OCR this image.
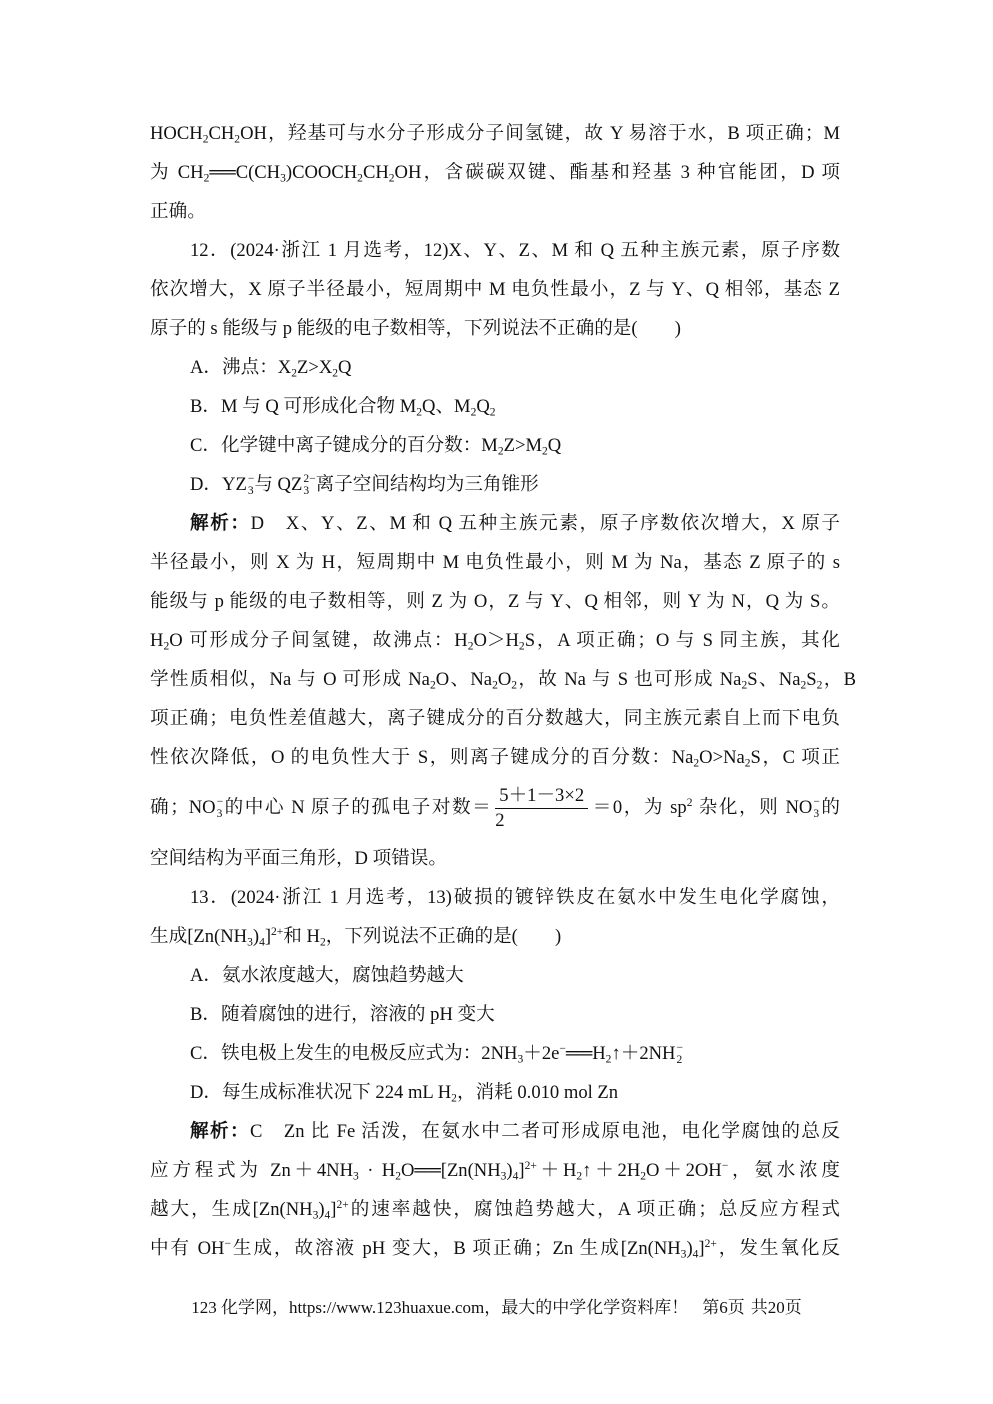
$HOCH_2CH_2OH$，羟基可与水分子形成分子间氢键，故 Y 易溶于水，B 项正确；M
为 $CH_2══C(CH_3)COOCH_2CH_2OH$，含碳碳双键、酯基和羟基 3 种官能团，D 项
正确。
12．(2024·浙江 1 月选考，12)X、Y、Z、M 和 Q 五种主族元素，原子序数
依次增大，X 原子半径最小，短周期中 M 电负性最小，Z 与 Y、Q 相邻，基态 Z
原子的 s 能级与 p 能级的电子数相等，下列说法不正确的是(　　)
A．沸点：$X_2Z>X_2Q$
B．M 与 Q 可形成化合物 $M_2Q$、$M_2Q_2$
C．化学键中离子键成分的百分数：$M_2Z>M_2Q$
D．YZ −
3 与 QZ 2−
3 离子空间结构均为三角锥形
解析：D　X、Y、Z、M 和 Q 五种主族元素，原子序数依次增大，X 原子
半径最小，则 X 为 H，短周期中 M 电负性最小，则 M 为 Na，基态 Z 原子的 s
能级与 p 能级的电子数相等，则 Z 为 O，Z 与 Y、Q 相邻，则 Y 为 N，Q 为 S。
$H_2O$ 可形成分子间氢键，故沸点：$H_2O>H_2S$，A 项正确；O 与 S 同主族，其化
学性质相似，Na 与 O 可形成 $Na_2O$、$Na_2O_2$，故 Na 与 S 也可形成 $Na_2S$、$Na_2S_2$，B
项正确；电负性差值越大，离子键成分的百分数越大，同主族元素自上而下电负
性依次降低，O 的电负性大于 S，则离子键成分的百分数：$Na_2O>Na_2S$，C 项正
确；NO −
3 的中心 N 原子的孤电子对数＝ $\frac{5+1-3\times 2}{2} =0$，为 $sp^2$ 杂化，则 NO −
3 的
空间结构为平面三角形，D 项错误。
13．(2024·浙江 1 月选考，13)破损的镀锌铁皮在氨水中发生电化学腐蚀，
生成$[Zn(NH_3)_4]^{2+}$和 $H_2$，下列说法不正确的是(　　)
A．氨水浓度越大，腐蚀趋势越大
B．随着腐蚀的进行，溶液的 pH 变大
C．铁电极上发生的电极反应式为：$2NH_3+2e^-══H_2↑+2NH$ −
2
D．每生成标准状况下 224 mL $H_2$，消耗 0.010 mol Zn
解析：C　Zn 比 Fe 活泼，在氨水中二者可形成原电池，电化学腐蚀的总反
应方程式为 $Zn+4NH_3$ · $H_2O══[Zn(NH_3)_4]^{2+}+H_2↑+2H_2O+2OH^-$，氨水浓度
越大，生成$[Zn(NH_3)_4]^{2+}$的速率越快，腐蚀趋势越大，A 项正确；总反应方程式
中有 OH−生成，故溶液 pH 变大，B 项正确；Zn 生成$[Zn(NH_3)_4]^{2+}$，发生氧化反
123 化学网，https://www.123huaxue.com，最大的中学化学资料库！ 第6页 共20页
